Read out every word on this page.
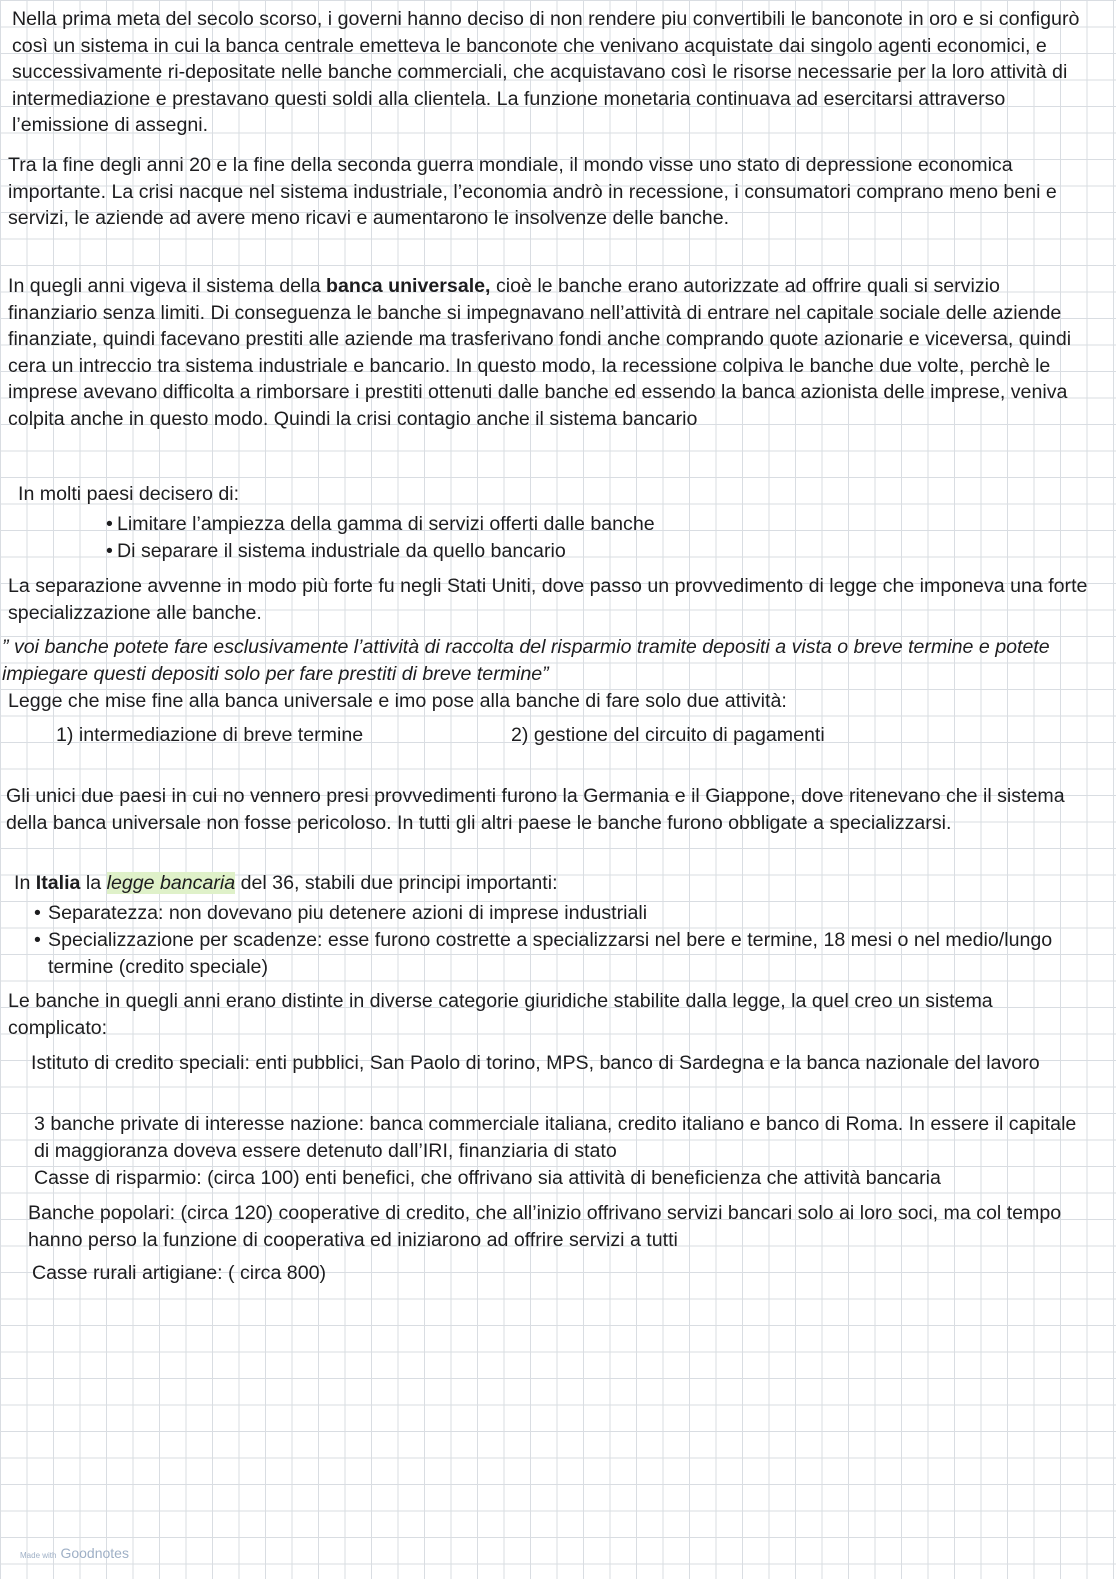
Nella prima meta del secolo scorso, i governi hanno deciso di non rendere piu convertibili le banconote in oro e si configurò così un sistema in cui la banca centrale emetteva le banconote che venivano acquistate dai singolo agenti economici, e successivamente ri-depositate nelle banche commerciali, che acquistavano così le risorse necessarie per la loro attività di intermediazione e prestavano questi soldi alla clientela. La funzione monetaria continuava ad esercitarsi attraverso l’emissione di assegni.

Tra la fine degli anni 20 e la fine della seconda guerra mondiale, il mondo visse uno stato di depressione economica importante. La crisi nacque nel sistema industriale, l’economia andrò in recessione, i consumatori comprano meno beni e servizi, le aziende ad avere meno ricavi e aumentarono le insolvenze delle banche.

In quegli anni vigeva il sistema della banca universale, cioè le banche erano autorizzate ad offrire quali si servizio finanziario senza limiti. Di conseguenza le banche si impegnavano nell’attività di entrare nel capitale sociale delle aziende finanziate, quindi facevano prestiti alle aziende ma trasferivano fondi anche comprando quote azionarie e viceversa, quindi cera un intreccio tra sistema industriale e bancario. In questo modo, la recessione colpiva le banche due volte, perchè le imprese avevano difficolta a rimborsare i prestiti ottenuti dalle banche ed essendo la banca azionista delle imprese, veniva colpita anche in questo modo. Quindi la crisi contagio anche il sistema bancario

In molti paesi decisero di:

• Limitare l’ampiezza della gamma di servizi offerti dalle banche

• Di separare il sistema industriale da quello bancario

La separazione avvenne in modo più forte fu negli Stati Uniti, dove passo un provvedimento di legge che imponeva una forte specializzazione alle banche.

” voi banche potete fare esclusivamente l’attività di raccolta del risparmio tramite depositi a vista o breve termine e potete impiegare questi depositi solo per fare prestiti di breve termine”

Legge che mise fine alla banca universale e imo pose alla banche di fare solo due attività:

1) intermediazione di breve termine	2) gestione del circuito di pagamenti

Gli unici due paesi in cui no vennero presi provvedimenti furono la Germania e il Giappone, dove ritenevano che il sistema della banca universale non fosse pericoloso. In tutti gli altri paese le banche furono obbligate a specializzarsi.

In Italia la legge bancaria del 36, stabili due principi importanti:

• Separatezza: non dovevano piu detenere azioni di imprese industriali

• Specializzazione per scadenze: esse furono costrette a specializzarsi nel bere e termine, 18 mesi o nel medio/lungo termine (credito speciale)

Le banche in quegli anni erano distinte in diverse categorie giuridiche stabilite dalla legge, la quel creo un sistema complicato:

Istituto di credito speciali: enti pubblici, San Paolo di torino, MPS, banco di Sardegna e la banca nazionale del lavoro

3 banche private di interesse nazione: banca commerciale italiana, credito italiano e banco di Roma. In essere il capitale di maggioranza doveva essere detenuto dall’IRI, finanziaria di stato

Casse di risparmio: (circa 100) enti benefici, che offrivano sia attività di beneficienza che attività bancaria

Banche popolari: (circa 120) cooperative di credito, che all’inizio offrivano servizi bancari solo ai loro soci, ma col tempo hanno perso la funzione di cooperativa ed iniziarono ad offrire servizi a tutti

Casse rurali artigiane: ( circa 800)

Made with Goodnotes
